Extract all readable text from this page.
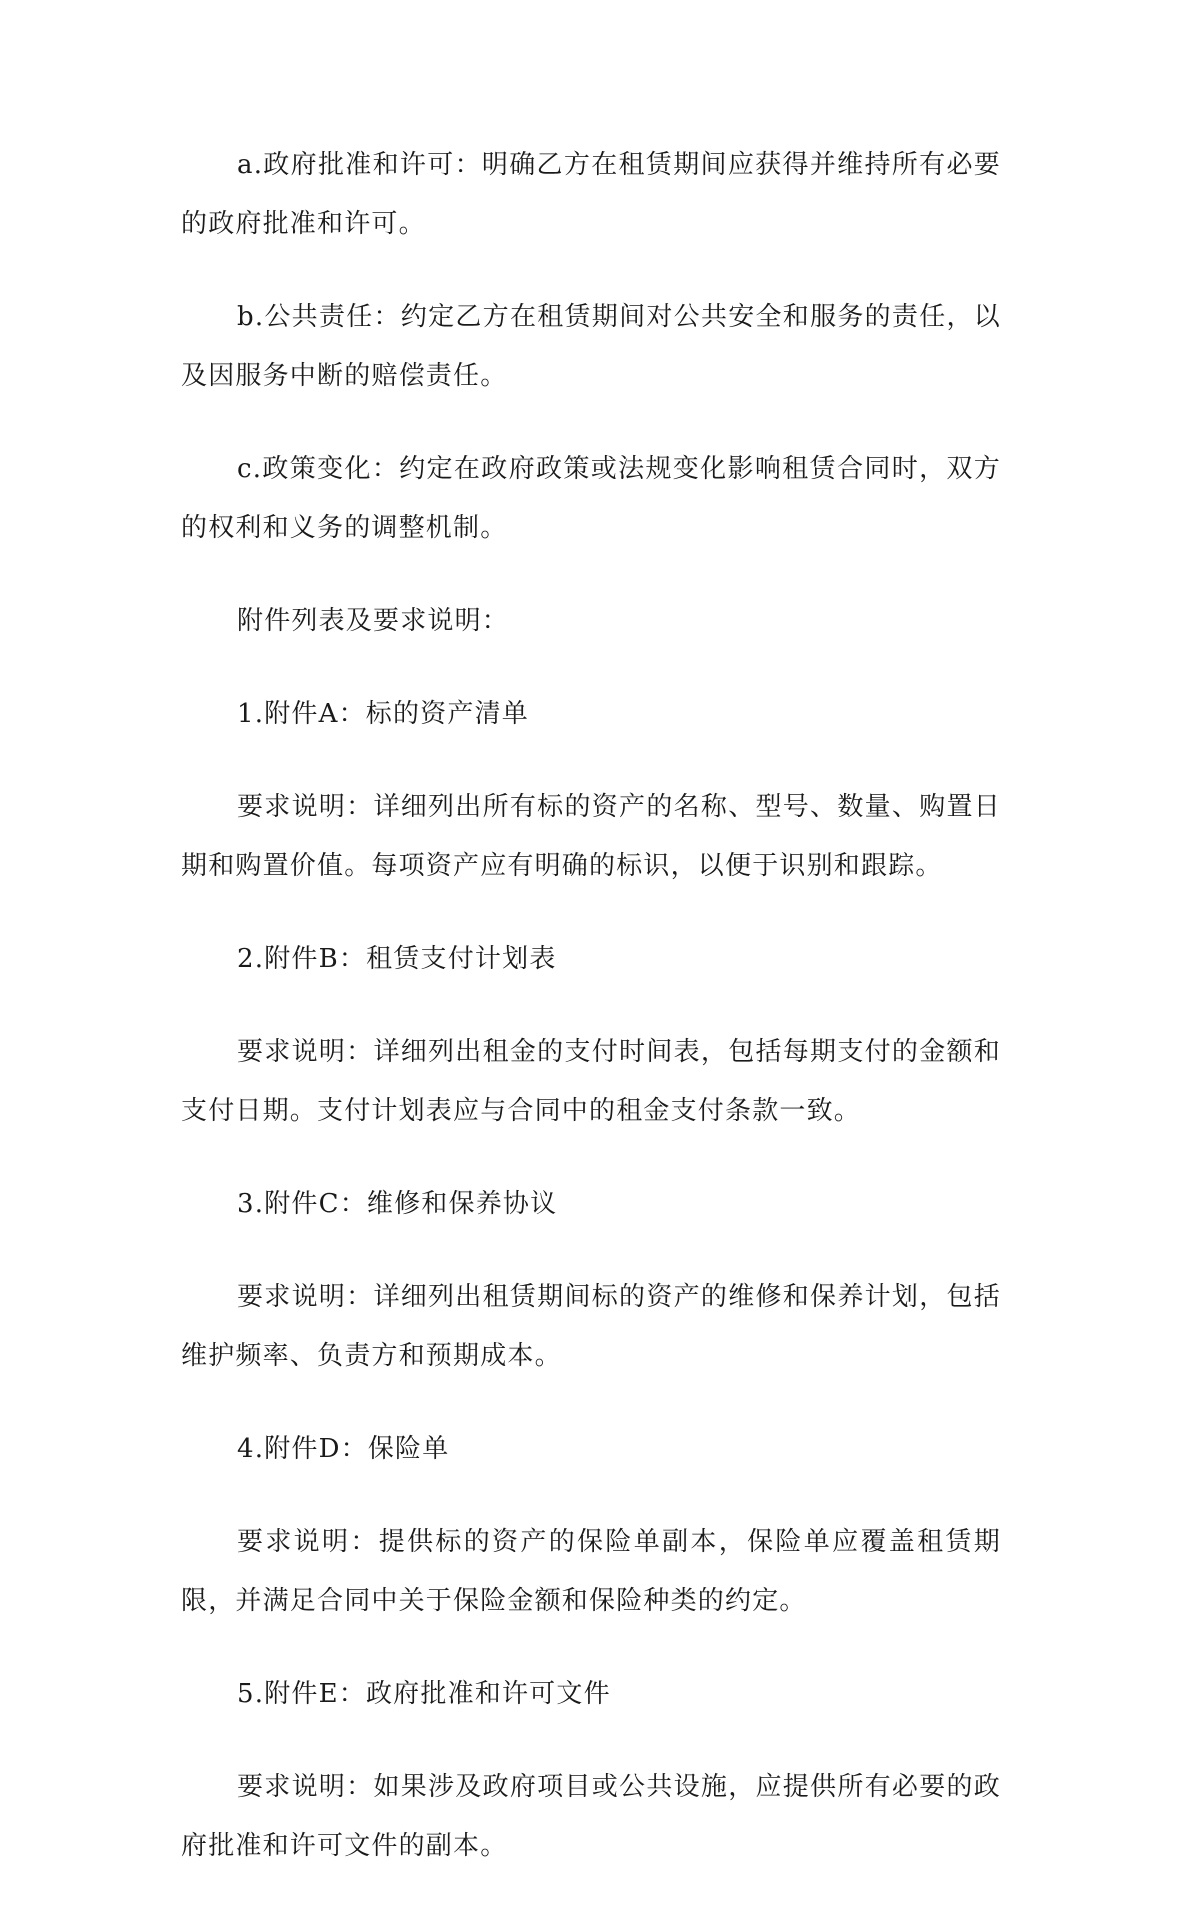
a.政府批准和许可：明确乙方在租赁期间应获得并维持所有必要的政府批准和许可。

b.公共责任：约定乙方在租赁期间对公共安全和服务的责任，以及因服务中断的赔偿责任。

c.政策变化：约定在政府政策或法规变化影响租赁合同时，双方的权利和义务的调整机制。

附件列表及要求说明：

1.附件A：标的资产清单

要求说明：详细列出所有标的资产的名称、型号、数量、购置日期和购置价值。每项资产应有明确的标识，以便于识别和跟踪。

2.附件B：租赁支付计划表

要求说明：详细列出租金的支付时间表，包括每期支付的金额和支付日期。支付计划表应与合同中的租金支付条款一致。

3.附件C：维修和保养协议

要求说明：详细列出租赁期间标的资产的维修和保养计划，包括维护频率、负责方和预期成本。

4.附件D：保险单

要求说明：提供标的资产的保险单副本，保险单应覆盖租赁期限，并满足合同中关于保险金额和保险种类的约定。

5.附件E：政府批准和许可文件

要求说明：如果涉及政府项目或公共设施，应提供所有必要的政府批准和许可文件的副本。
